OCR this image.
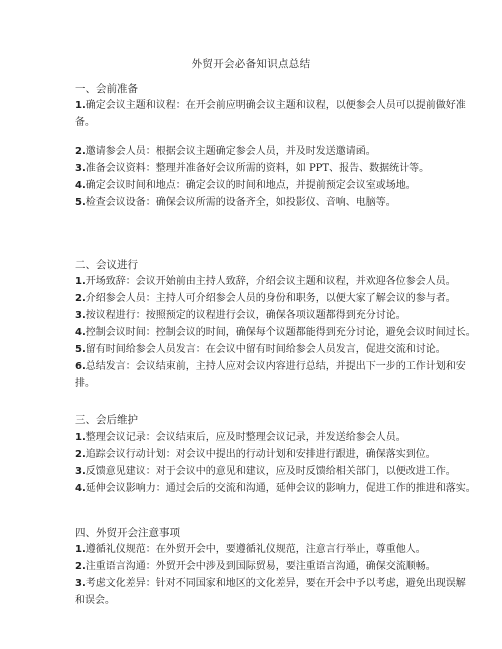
外贸开会必备知识点总结
一、会前准备
1.确定会议主题和议程：在开会前应明确会议主题和议程，以便参会人员可以提前做好准
备。
2.邀请参会人员：根据会议主题确定参会人员，并及时发送邀请函。
3.准备会议资料：整理并准备好会议所需的资料，如 PPT、报告、数据统计等。
4.确定会议时间和地点：确定会议的时间和地点，并提前预定会议室或场地。
5.检查会议设备：确保会议所需的设备齐全，如投影仪、音响、电脑等。
二、会议进行
1.开场致辞：会议开始前由主持人致辞，介绍会议主题和议程，并欢迎各位参会人员。
2.介绍参会人员：主持人可介绍参会人员的身份和职务，以便大家了解会议的参与者。
3.按议程进行：按照预定的议程进行会议，确保各项议题都得到充分讨论。
4.控制会议时间：控制会议的时间，确保每个议题都能得到充分讨论，避免会议时间过长。
5.留有时间给参会人员发言：在会议中留有时间给参会人员发言，促进交流和讨论。
6.总结发言：会议结束前，主持人应对会议内容进行总结，并提出下一步的工作计划和安
排。
三、会后维护
1.整理会议记录：会议结束后，应及时整理会议记录，并发送给参会人员。
2.追踪会议行动计划：对会议中提出的行动计划和安排进行跟进，确保落实到位。
3.反馈意见建议：对于会议中的意见和建议，应及时反馈给相关部门，以便改进工作。
4.延伸会议影响力：通过会后的交流和沟通，延伸会议的影响力，促进工作的推进和落实。
四、外贸开会注意事项
1.遵循礼仪规范：在外贸开会中，要遵循礼仪规范，注意言行举止，尊重他人。
2.注重语言沟通：外贸开会中涉及到国际贸易，要注重语言沟通，确保交流顺畅。
3.考虑文化差异：针对不同国家和地区的文化差异，要在开会中予以考虑，避免出现误解
和误会。
